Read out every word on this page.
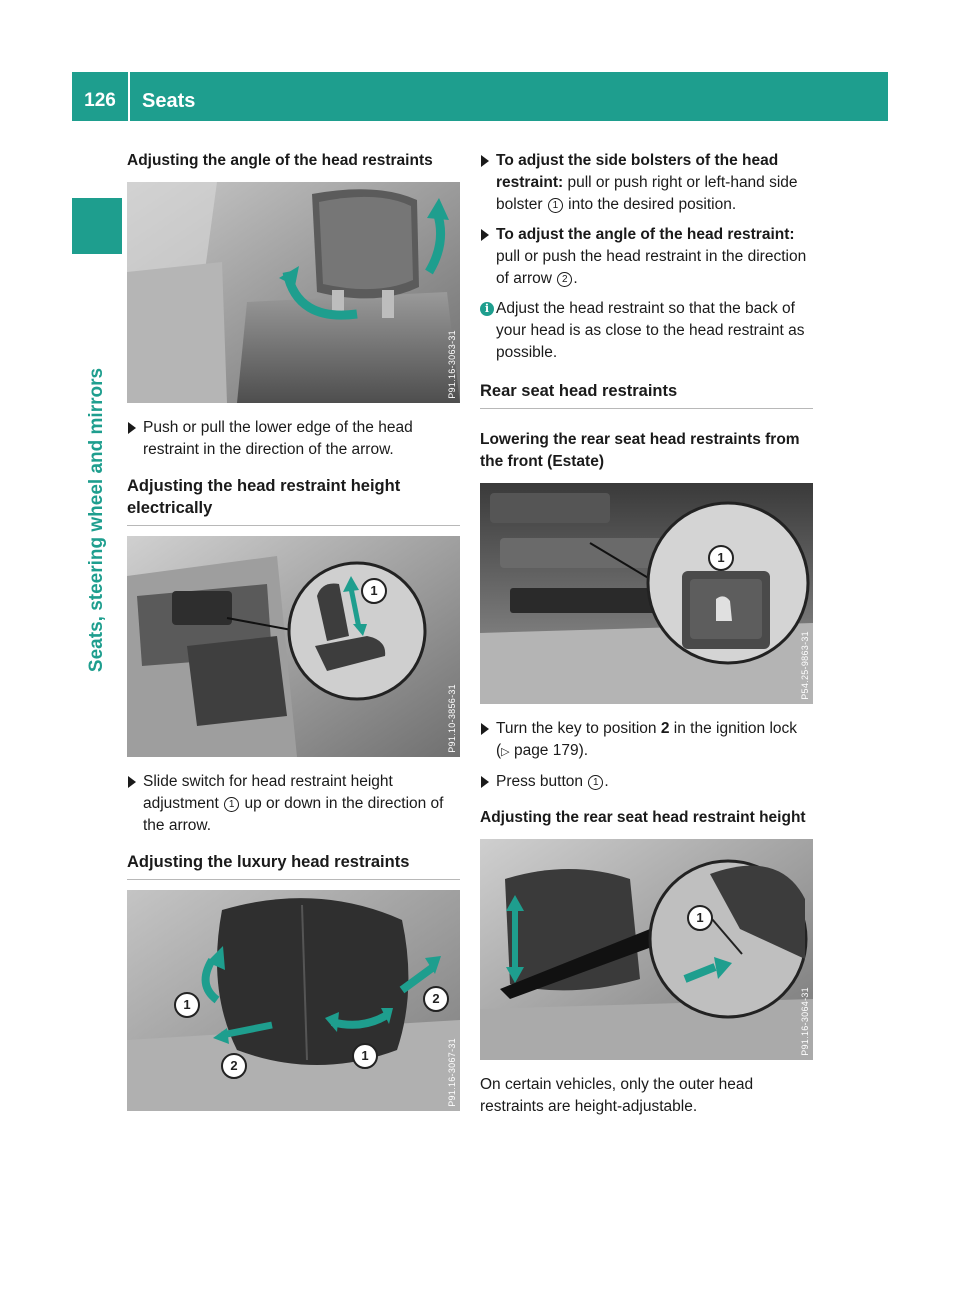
126	Seats
Seats, steering wheel and mirrors
Adjusting the angle of the head restraints
P91.16-3063-31
Push or pull the lower edge of the head restraint in the direction of the arrow.
Adjusting the head restraint height electrically
1
P91.10-3856-31
Slide switch for head restraint height adjustment 1 up or down in the direction of the arrow.
Adjusting the luxury head restraints
1	2
2
1	P91.16-3067-31
To adjust the side bolsters of the head restraint: pull or push right or left-hand side bolster 1 into the desired position.
To adjust the angle of the head restraint: pull or push the head restraint in the direction of arrow 2 .
i Adjust the head restraint so that the back of your head is as close to the head restraint as possible.
Rear seat head restraints
Lowering the rear seat head restraints from the front (Estate)
1
P54.25-9863-31
Turn the key to position 2 in the ignition lock (▷ page 179).
Press button 1 .
Adjusting the rear seat head restraint height
1
P91.16-3064-31
On certain vehicles, only the outer head restraints are height-adjustable.
